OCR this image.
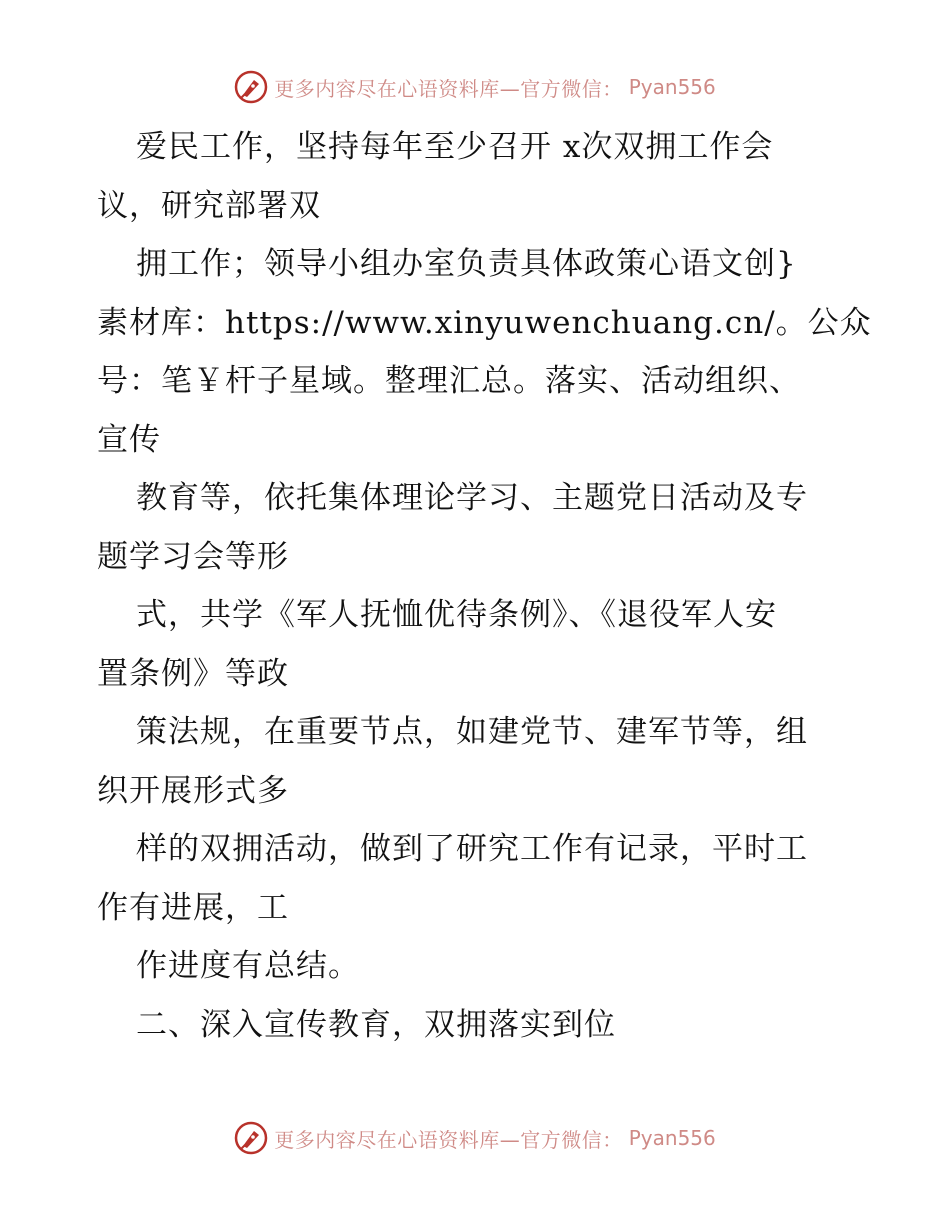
更多内容尽在心语资料库—官方微信： Pyan556
爱民工作，坚持每年至少召开 x次双拥工作会
议，研究部署双
拥工作；领导小组办室负责具体政策心语文创}
素材库：https://www.xinyuwenchuang.cn/。公众
号：笔￥杆子星域。整理汇总。落实、活动组织、
宣传
教育等，依托集体理论学习、主题党日活动及专
题学习会等形
式，共学《军人抚恤优待条例》、《退役军人安
置条例》等政
策法规，在重要节点，如建党节、建军节等，组
织开展形式多
样的双拥活动，做到了研究工作有记录，平时工
作有进展，工
作进度有总结。
二、深入宣传教育，双拥落实到位
更多内容尽在心语资料库—官方微信： Pyan556
